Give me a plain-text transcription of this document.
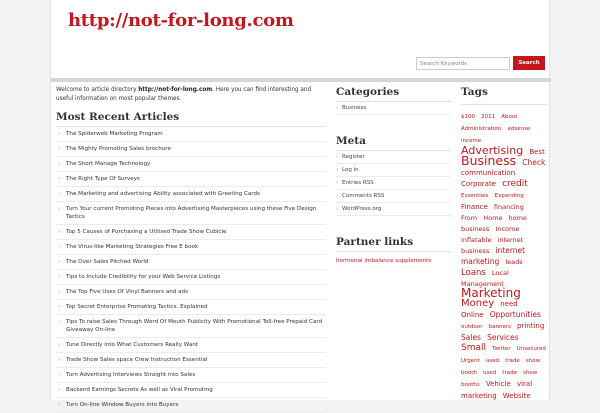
http://not-for-long.com
Search Keywords
Search

Welcome to article directory http://not-for-long.com. Here you can find interesting and useful information on most popular themes.

Most Recent Articles
› The Spiderweb Marketing Program
› The Mighty Promoting Sales brochure
› The Short Manage Technology
› The Right Type Of Surveys
› The Marketing and advertising Ability associated with Greeting Cards
› Turn Your current Promoting Pieces into Advertising Masterpieces using these Five Design Tactics
› Top 5 Causes of Purchasing a Utilised Trade Show Cubicle
› The Virus-like Marketing Strategies Free E book
› The Over Sales Pitched World
› Tips to Include Credibility for your Web Service Listings
› The Top Five Uses Of Vinyl Banners and ads
› Top Secret Enterprise Promoting Tactics. Explained
› Tips To raise Sales Through Word Of Mouth Publicity With Promotional Toll-free Prepaid Card Giveaway On-line
› Tune Directly into What Customers Really Want
› Trade Show Sales space Crew Instruction Essential
› Turn Advertising Interviews Straight into Sales
› Backend Earnings Secrets As well as Viral Promoting
› Turn On-line Window Buyers into Buyers
Categories
› Business
Meta
› Register
› Log in
› Entries RSS
› Comments RSS
› WordPress.org
Partner links
hormonal imbalance supplements
Tags
$100 2011 About Administration adsense income Advertising Best Business Check communication Corporate credit Essentials Expanding Finance financing From Home home business Income inflatable internet business internet marketing leads Loans Local Management Marketing Money need Online Opportunities outdoor banners printing Sales Services Small Twitter Unsecured Urgent used trade show booth used trade show booths Vehicle viral marketing Website
